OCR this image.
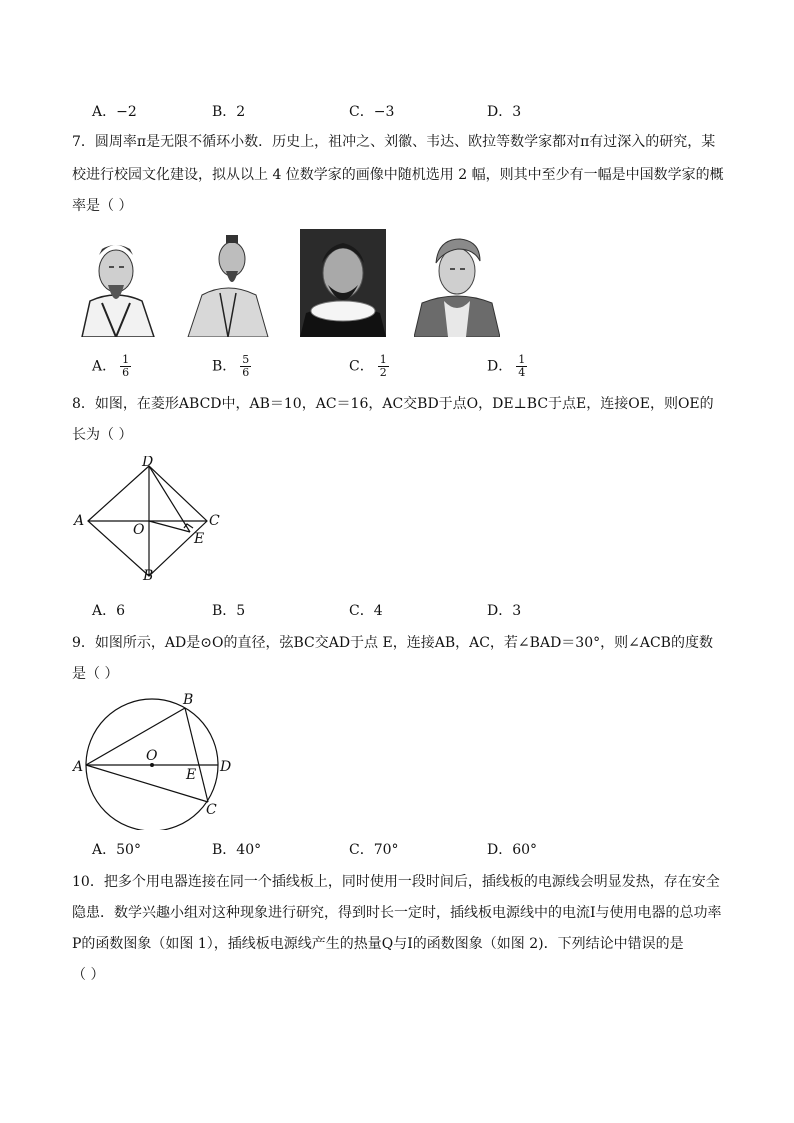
A．−2	B．2	C．−3	D．3
7．圆周率π是无限不循环小数．历史上，祖冲之、刘徽、韦达、欧拉等数学家都对π有过深入的研究，某
校进行校园文化建设，拟从以上 4 位数学家的画像中随机选用 2 幅，则其中至少有一幅是中国数学家的概
率是（ ）
A． $\frac{1}{6}$	B． $\frac{5}{6}$	C． $\frac{1}{2}$	D． $\frac{1}{4}$
8．如图，在菱形ABCD中，AB＝10，AC＝16，AC交BD于点O，DE⊥BC于点E，连接OE，则OE的
长为（ ）
D
A
O
C
E
B
A．6	B．5	C．4	D．3
9．如图所示，AD是⊙O的直径，弦BC交AD于点 E，连接AB，AC，若∠BAD＝30°，则∠ACB的度数
是（ ）
B
O
A	E D
C
A．50°	B．40°	C．70°	D．60°
10．把多个用电器连接在同一个插线板上，同时使用一段时间后，插线板的电源线会明显发热，存在安全
隐患．数学兴趣小组对这种现象进行研究，得到时长一定时，插线板电源线中的电流I与使用电器的总功率
P的函数图象（如图 1），插线板电源线产生的热量Q与I的函数图象（如图 2)．下列结论中错误的是
（ ）
